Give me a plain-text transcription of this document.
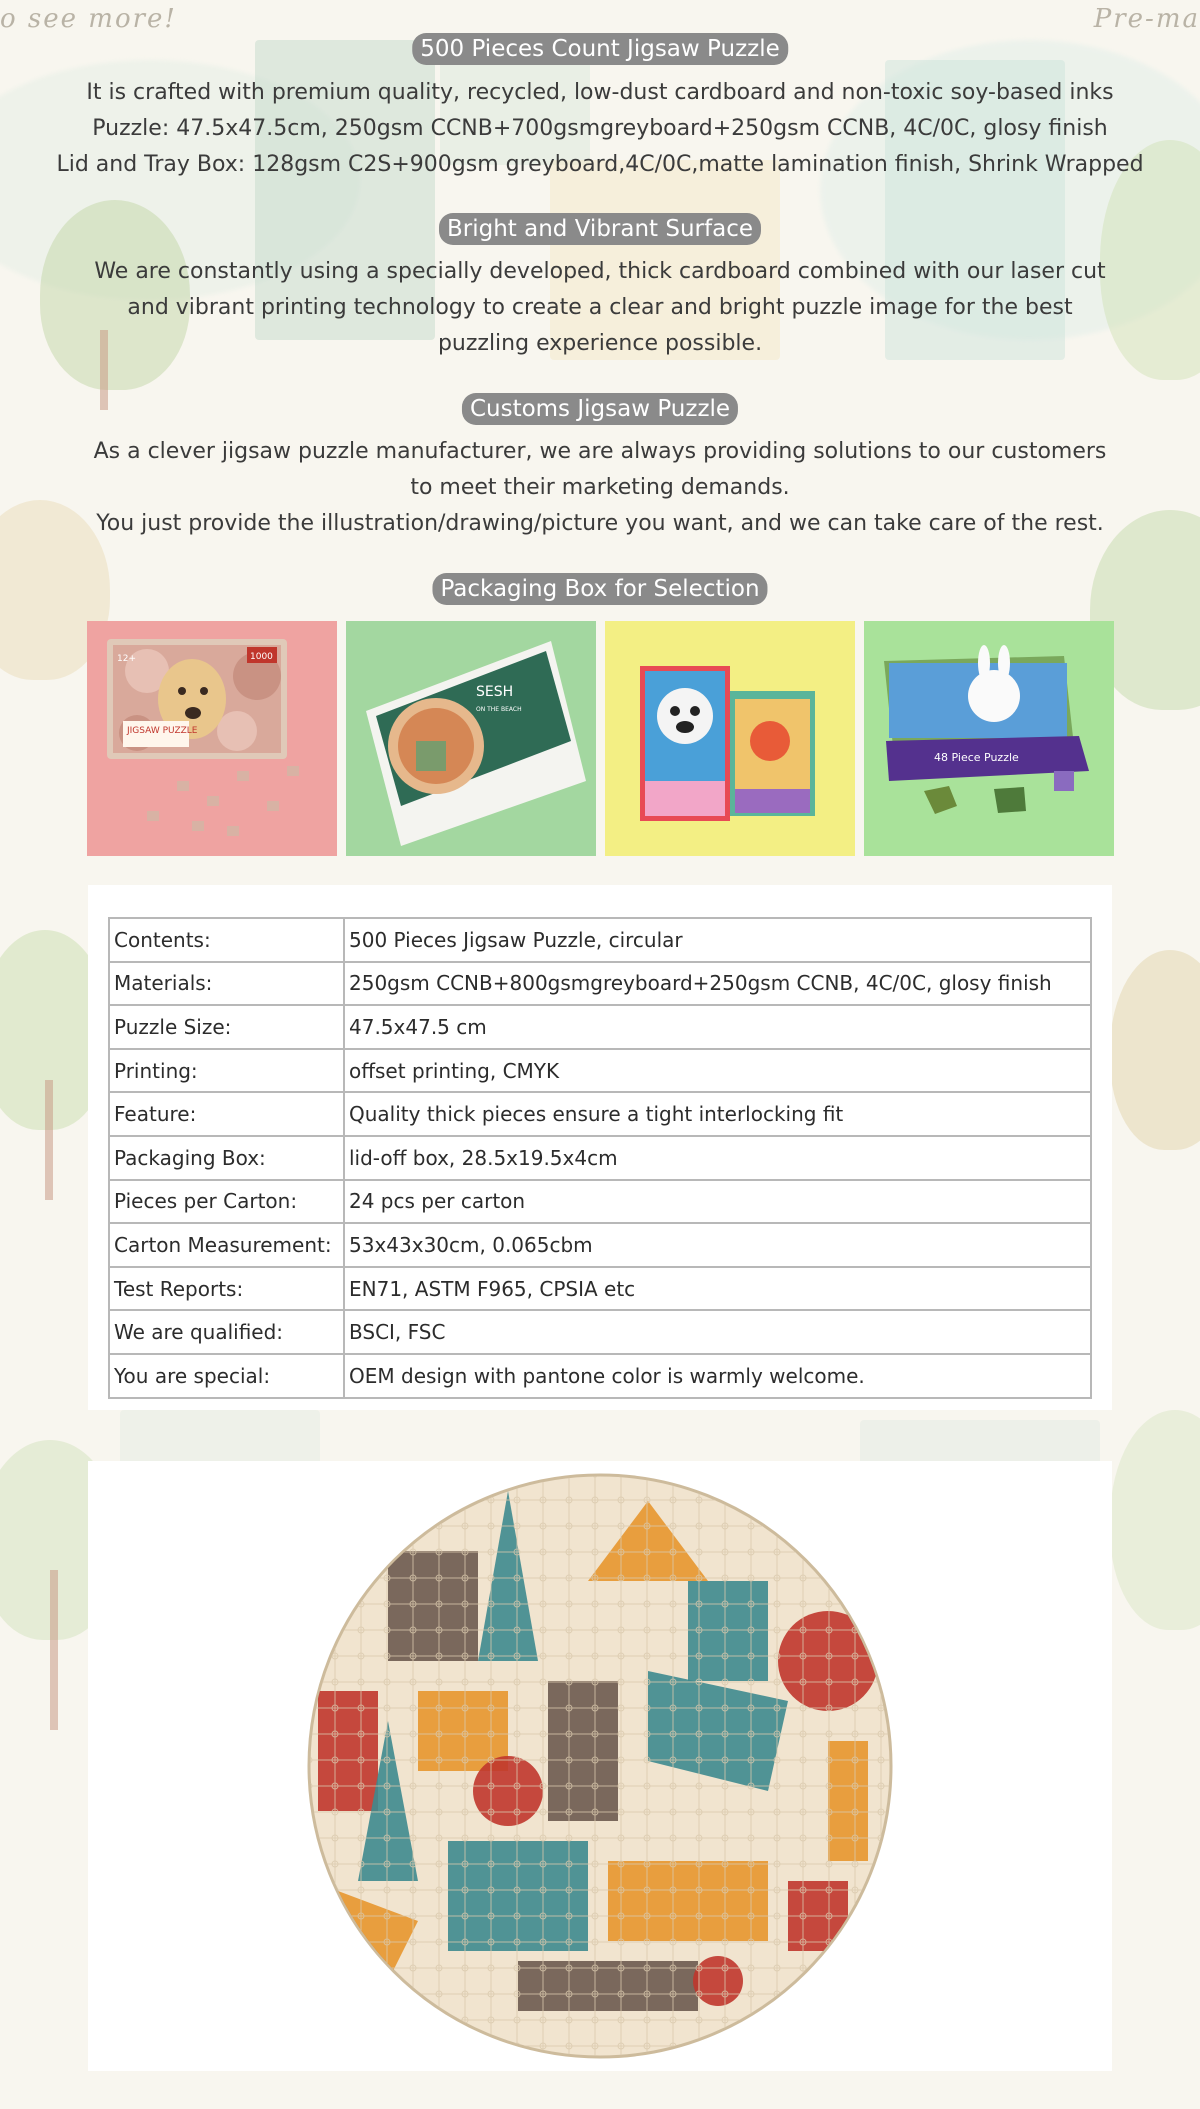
o see more!	Pre-ma
500 Pieces Count Jigsaw Puzzle
It is crafted with premium quality, recycled, low-dust cardboard and non-toxic soy-based inks
Puzzle: 47.5x47.5cm, 250gsm CCNB+700gsmgreyboard+250gsm CCNB, 4C/0C, glosy finish
Lid and Tray Box: 128gsm C2S+900gsm greyboard,4C/0C,matte lamination finish, Shrink Wrapped
Bright and Vibrant Surface
We are constantly using a specially developed, thick cardboard combined with our laser cut
and vibrant printing technology to create a clear and bright puzzle image for the best
puzzling experience possible.
Customs Jigsaw Puzzle
As a clever jigsaw puzzle manufacturer, we are always providing solutions to our customers
to meet their marketing demands.
You just provide the illustration/drawing/picture you want, and we can take care of the rest.
Packaging Box for Selection
JIGSAW PUZZLE
1000
12+
SESH
ON THE BEACH
48 Piece Puzzle
Contents:	500 Pieces Jigsaw Puzzle, circular
Materials:	250gsm CCNB+800gsmgreyboard+250gsm CCNB, 4C/0C, glosy finish
Puzzle Size:	47.5x47.5 cm
Printing:	offset printing, CMYK
Feature:	Quality thick pieces ensure a tight interlocking fit
Packaging Box:	lid-off box, 28.5x19.5x4cm
Pieces per Carton:	24 pcs per carton
Carton Measurement:	53x43x30cm, 0.065cbm
Test Reports:	EN71, ASTM F965, CPSIA etc
We are qualified:	BSCI, FSC
You are special:	OEM design with pantone color is warmly welcome.
